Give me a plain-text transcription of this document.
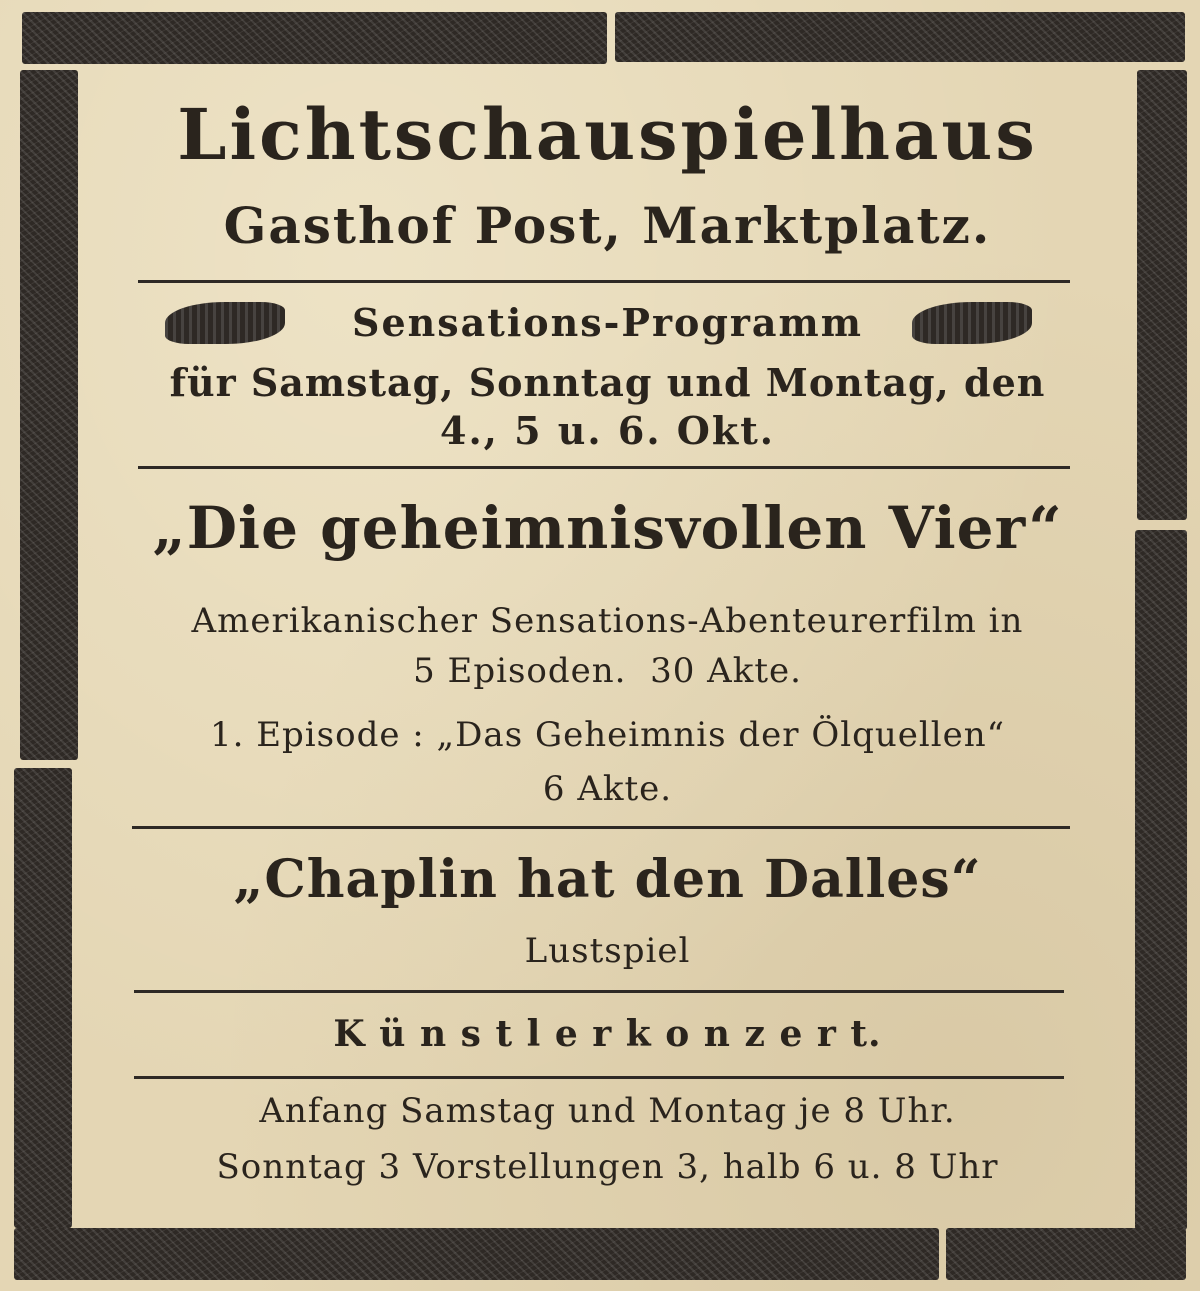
Lichtschauspielhaus
Gasthof Post, Marktplatz.
Sensations-Programm
für Samstag, Sonntag und Montag, den
4., 5 u. 6. Okt.
„Die geheimnisvollen Vier“
Amerikanischer Sensations-Abenteurerfilm in
5 Episoden.  30 Akte.
1. Episode : „Das Geheimnis der Ölquellen“
6 Akte.
„Chaplin hat den Dalles“
Lustspiel
K ü n s t l e r k o n z e r t.
Anfang Samstag und Montag je 8 Uhr.
Sonntag 3 Vorstellungen 3, halb 6 u. 8 Uhr
